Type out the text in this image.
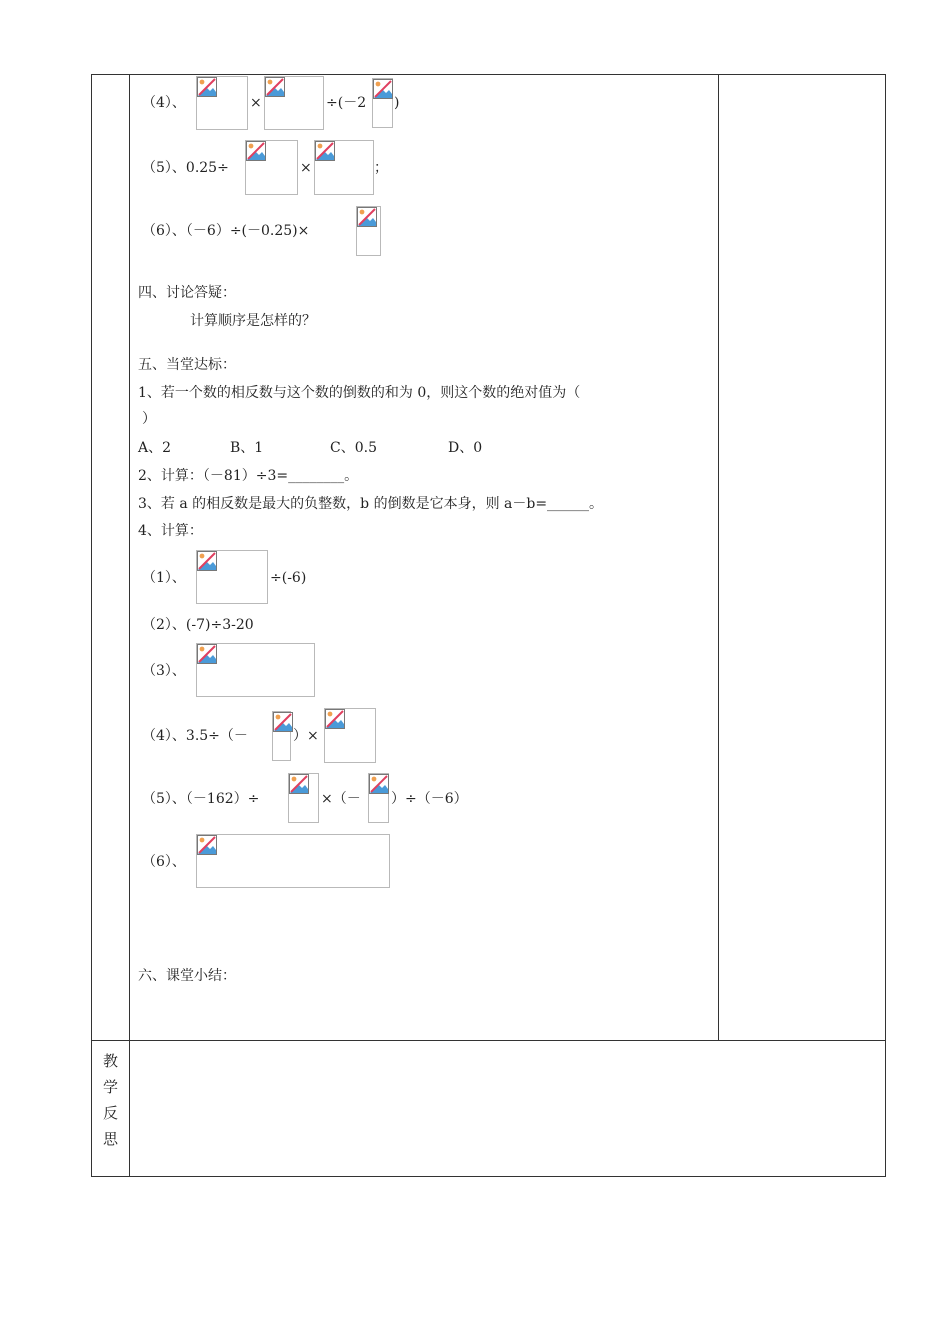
（4）、	×	÷(－2 )
（5）、0.25÷	×	；
（6）、（－6）÷(－0.25)×
四、讨论答疑：
计算顺序是怎样的？
五、当堂达标：
1、若一个数的相反数与这个数的倒数的和为 0，则这个数的绝对值为（
）
A、2	B、1	C、0.5	D、0
2、计算：（－81）÷3=________。
3、若 a 的相反数是最大的负整数，b 的倒数是它本身，则 a－b=______。
4、计算：
（1）、	÷(-6)
（2）、(-7)÷3-20
（3）、
（4）、3.5÷（－	）×
（5）、（－162）÷	×（－ ）÷（－6）
（6）、
六、课堂小结：
教
学
反
思
